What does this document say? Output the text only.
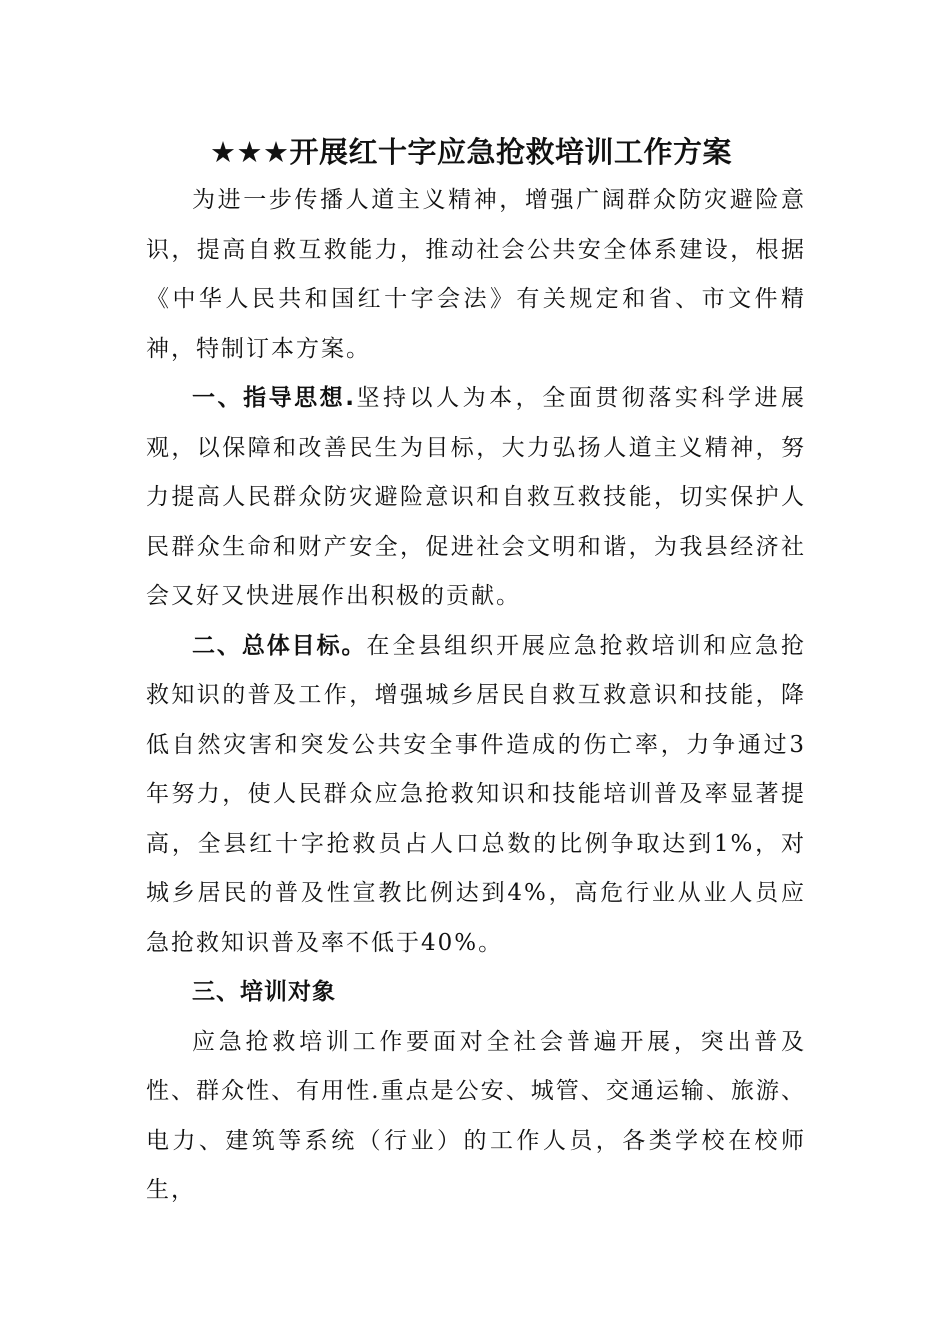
★★★开展红十字应急抢救培训工作方案

为进一步传播人道主义精神，增强广阔群众防灾避险意识，提高自救互救能力，推动社会公共安全体系建设，根据《中华人民共和国红十字会法》有关规定和省、市文件精神，特制订本方案。

一、指导思想.坚持以人为本，全面贯彻落实科学进展观，以保障和改善民生为目标，大力弘扬人道主义精神，努力提高人民群众防灾避险意识和自救互救技能，切实保护人民群众生命和财产安全，促进社会文明和谐，为我县经济社会又好又快进展作出积极的贡献。

二、总体目标。在全县组织开展应急抢救培训和应急抢救知识的普及工作，增强城乡居民自救互救意识和技能，降低自然灾害和突发公共安全事件造成的伤亡率，力争通过3年努力，使人民群众应急抢救知识和技能培训普及率显著提高，全县红十字抢救员占人口总数的比例争取达到1%，对城乡居民的普及性宣教比例达到4%，高危行业从业人员应急抢救知识普及率不低于40%。

三、培训对象

应急抢救培训工作要面对全社会普遍开展，突出普及性、群众性、有用性.重点是公安、城管、交通运输、旅游、电力、建筑等系统（行业）的工作人员，各类学校在校师生，
